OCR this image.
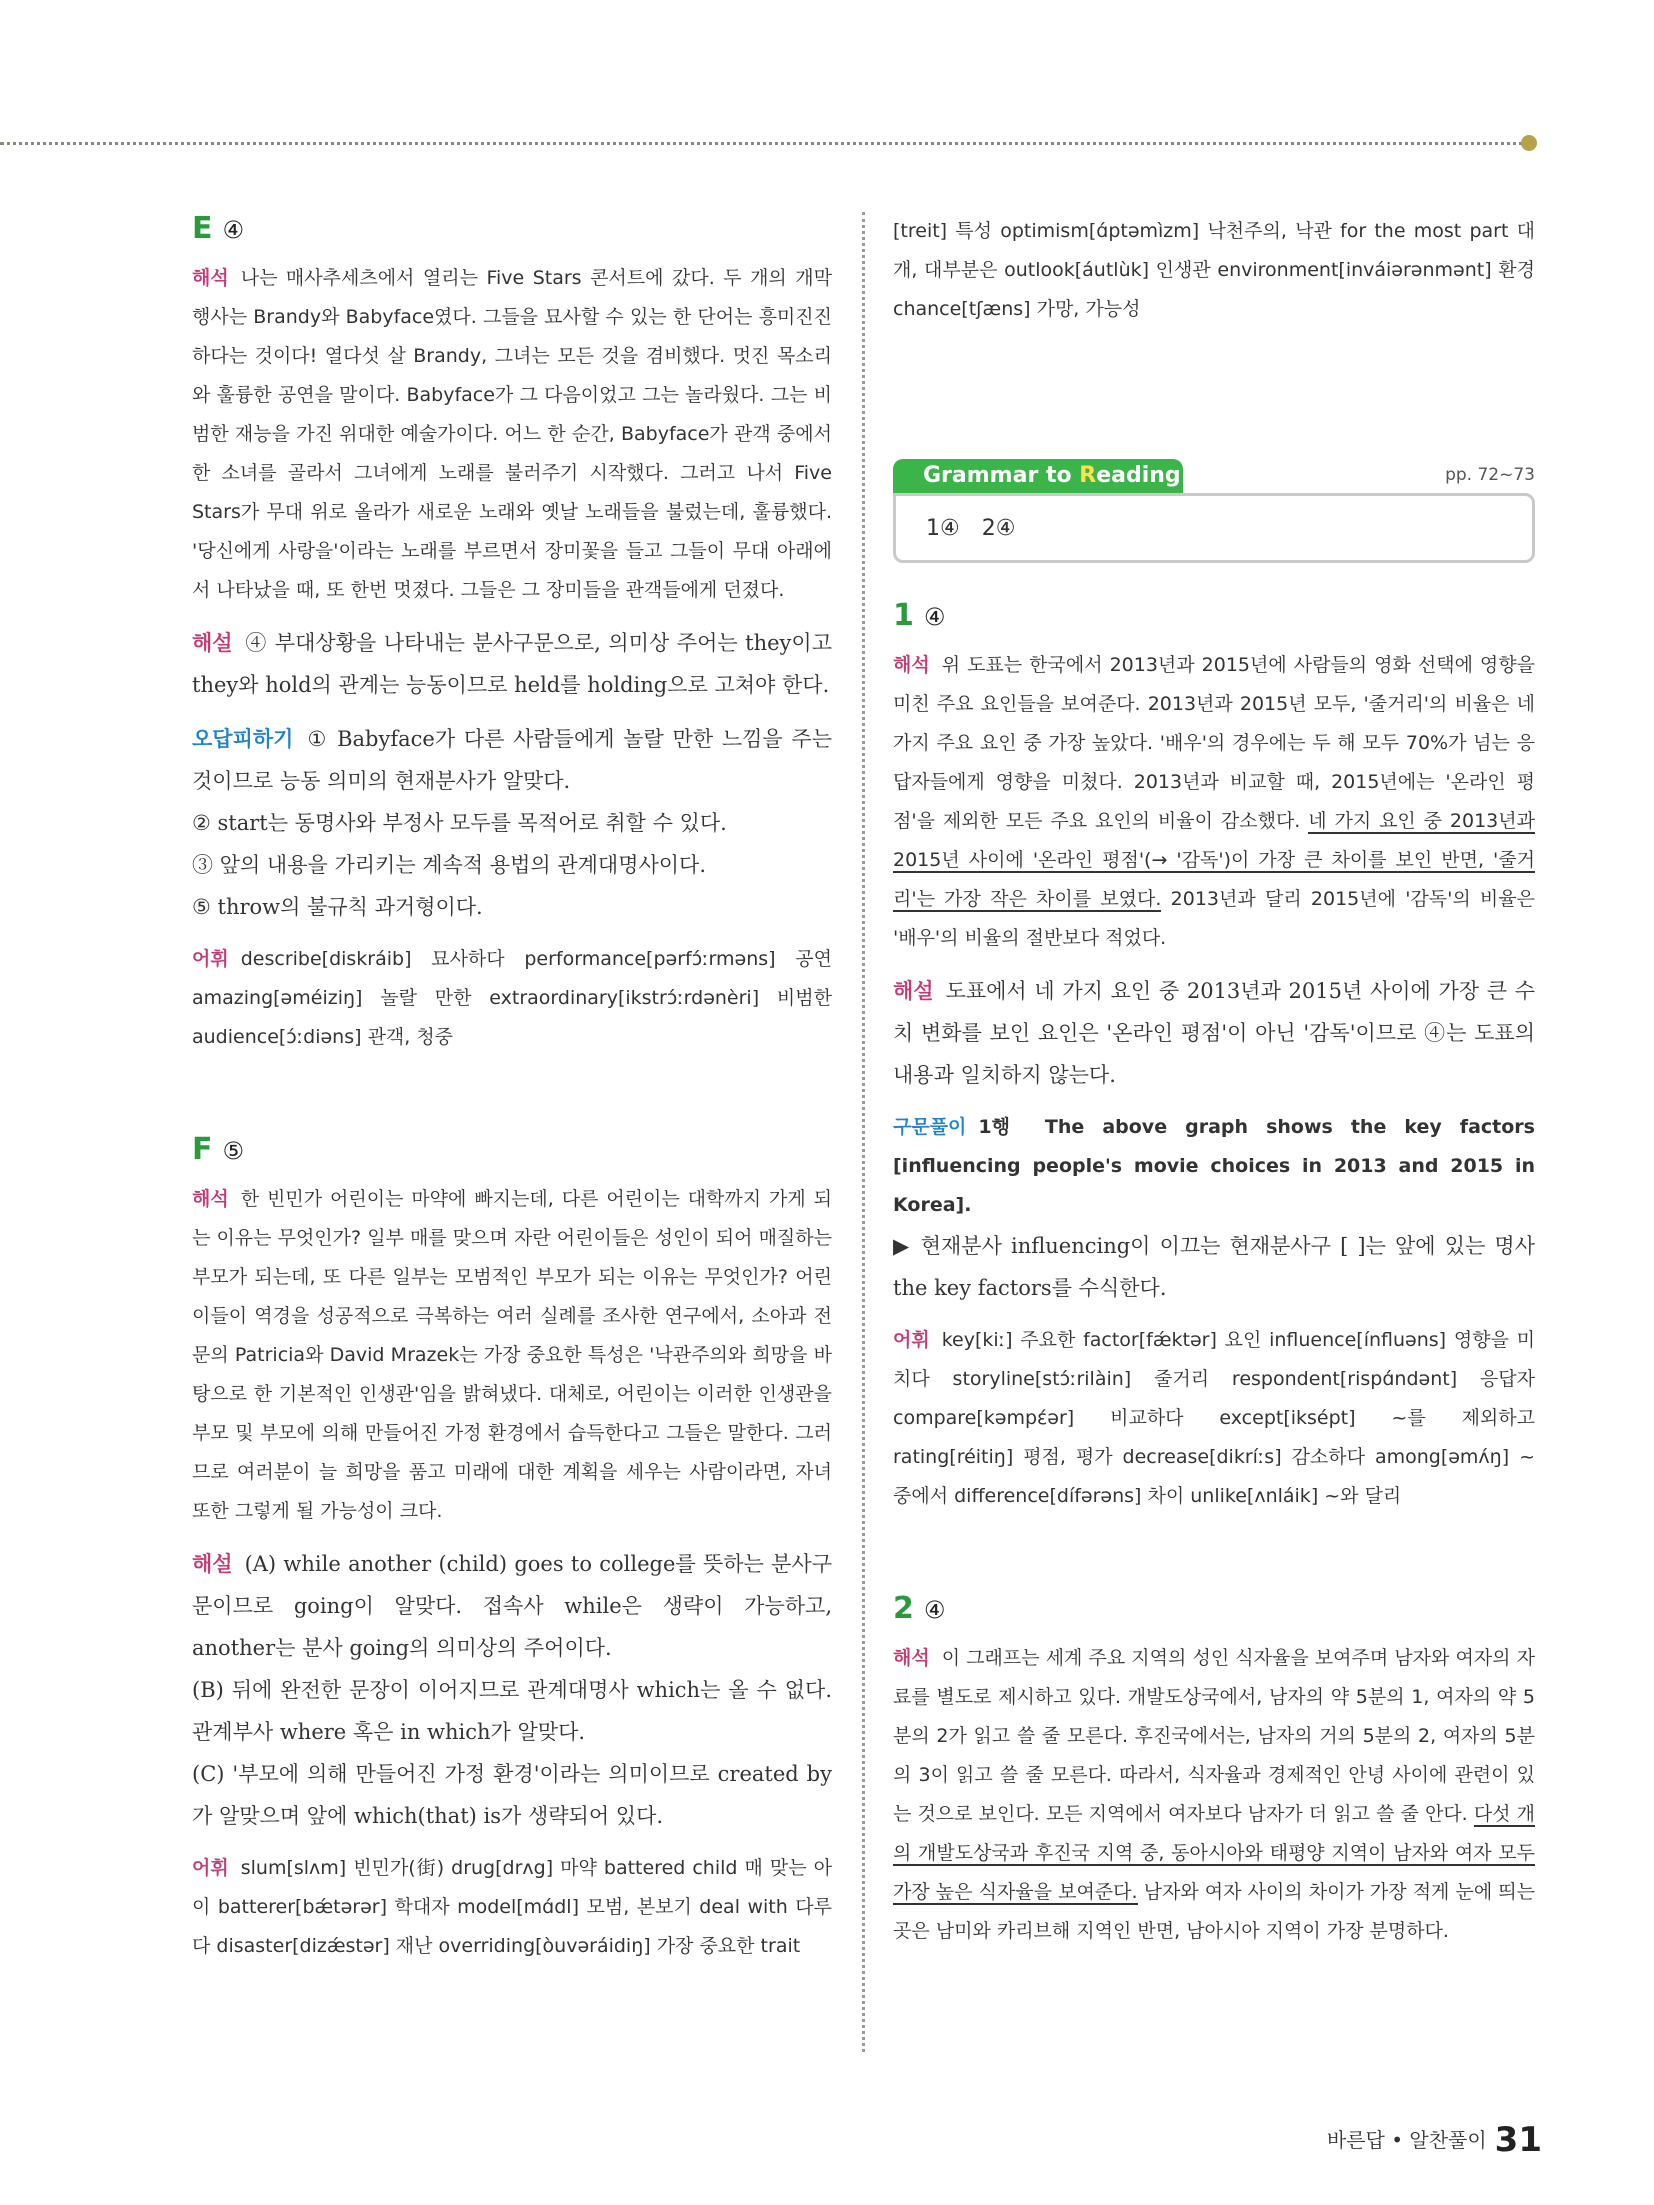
E ④

해석 나는 매사추세츠에서 열리는 Five Stars 콘서트에 갔다. 두 개의 개막 행사는 Brandy와 Babyface였다. 그들을 묘사할 수 있는 한 단어는 흥미진진하다는 것이다! 열다섯 살 Brandy, 그녀는 모든 것을 겸비했다. 멋진 목소리와 훌륭한 공연을 말이다. Babyface가 그 다음이었고 그는 놀라웠다. 그는 비범한 재능을 가진 위대한 예술가이다. 어느 한 순간, Babyface가 관객 중에서 한 소녀를 골라서 그녀에게 노래를 불러주기 시작했다. 그러고 나서 Five Stars가 무대 위로 올라가 새로운 노래와 옛날 노래들을 불렀는데, 훌륭했다. '당신에게 사랑을'이라는 노래를 부르면서 장미꽃을 들고 그들이 무대 아래에서 나타났을 때, 또 한번 멋졌다. 그들은 그 장미들을 관객들에게 던졌다.

해설 ④ 부대상황을 나타내는 분사구문으로, 의미상 주어는 they이고 they와 hold의 관계는 능동이므로 held를 holding으로 고쳐야 한다.

오답피하기 ① Babyface가 다른 사람들에게 놀랄 만한 느낌을 주는 것이므로 능동 의미의 현재분사가 알맞다.

② start는 동명사와 부정사 모두를 목적어로 취할 수 있다.

③ 앞의 내용을 가리키는 계속적 용법의 관계대명사이다.

⑤ throw의 불규칙 과거형이다.

어휘 describe[diskráib] 묘사하다 performance[pərfɔ́ːrməns] 공연 amazing[əméiziŋ] 놀랄 만한 extraordinary[ikstrɔ́ːrdənèri] 비범한 audience[ɔ́ːdiəns] 관객, 청중

F ⑤

해석 한 빈민가 어린이는 마약에 빠지는데, 다른 어린이는 대학까지 가게 되는 이유는 무엇인가? 일부 매를 맞으며 자란 어린이들은 성인이 되어 매질하는 부모가 되는데, 또 다른 일부는 모범적인 부모가 되는 이유는 무엇인가? 어린이들이 역경을 성공적으로 극복하는 여러 실례를 조사한 연구에서, 소아과 전문의 Patricia와 David Mrazek는 가장 중요한 특성은 '낙관주의와 희망을 바탕으로 한 기본적인 인생관'임을 밝혀냈다. 대체로, 어린이는 이러한 인생관을 부모 및 부모에 의해 만들어진 가정 환경에서 습득한다고 그들은 말한다. 그러므로 여러분이 늘 희망을 품고 미래에 대한 계획을 세우는 사람이라면, 자녀 또한 그렇게 될 가능성이 크다.

해설 (A) while another (child) goes to college를 뜻하는 분사구문이므로 going이 알맞다. 접속사 while은 생략이 가능하고, another는 분사 going의 의미상의 주어이다.

(B) 뒤에 완전한 문장이 이어지므로 관계대명사 which는 올 수 없다. 관계부사 where 혹은 in which가 알맞다.

(C) '부모에 의해 만들어진 가정 환경'이라는 의미이므로 created by가 알맞으며 앞에 which(that) is가 생략되어 있다.

어휘 slum[slʌm] 빈민가(街) drug[drʌg] 마약 battered child 매 맞는 아이 batterer[bǽtərər] 학대자 model[mɑ́dl] 모범, 본보기 deal with 다루다 disaster[dizǽstər] 재난 overriding[òuvəráidiŋ] 가장 중요한 trait

[treit] 특성 optimism[ɑ́ptəmìzm] 낙천주의, 낙관 for the most part 대개, 대부분은 outlook[áutlùk] 인생관 environment[inváiərənmənt] 환경 chance[tʃæns] 가망, 가능성

Grammar to Reading	pp. 72~73
1④ 2④
1 ④

해석 위 도표는 한국에서 2013년과 2015년에 사람들의 영화 선택에 영향을 미친 주요 요인들을 보여준다. 2013년과 2015년 모두, '줄거리'의 비율은 네 가지 주요 요인 중 가장 높았다. '배우'의 경우에는 두 해 모두 70%가 넘는 응답자들에게 영향을 미쳤다. 2013년과 비교할 때, 2015년에는 '온라인 평점'을 제외한 모든 주요 요인의 비율이 감소했다. 네 가지 요인 중 2013년과 2015년 사이에 '온라인 평점'(→ '감독')이 가장 큰 차이를 보인 반면, '줄거리'는 가장 작은 차이를 보였다. 2013년과 달리 2015년에 '감독'의 비율은 '배우'의 비율의 절반보다 적었다.

해설 도표에서 네 가지 요인 중 2013년과 2015년 사이에 가장 큰 수치 변화를 보인 요인은 '온라인 평점'이 아닌 '감독'이므로 ④는 도표의 내용과 일치하지 않는다.

구문풀이 1행 The above graph shows the key factors [influencing people's movie choices in 2013 and 2015 in Korea].

▶ 현재분사 influencing이 이끄는 현재분사구 [ ]는 앞에 있는 명사 the key factors를 수식한다.

어휘 key[kiː] 주요한 factor[fǽktər] 요인 influence[ínfluəns] 영향을 미치다 storyline[stɔ́ːrilàin] 줄거리 respondent[rispɑ́ndənt] 응답자 compare[kəmpέər] 비교하다 except[iksépt] ~를 제외하고 rating[réitiŋ] 평점, 평가 decrease[dikríːs] 감소하다 among[əmʌ́ŋ] ~ 중에서 difference[dífərəns] 차이 unlike[ʌnláik] ~와 달리

2 ④

해석 이 그래프는 세계 주요 지역의 성인 식자율을 보여주며 남자와 여자의 자료를 별도로 제시하고 있다. 개발도상국에서, 남자의 약 5분의 1, 여자의 약 5분의 2가 읽고 쓸 줄 모른다. 후진국에서는, 남자의 거의 5분의 2, 여자의 5분의 3이 읽고 쓸 줄 모른다. 따라서, 식자율과 경제적인 안녕 사이에 관련이 있는 것으로 보인다. 모든 지역에서 여자보다 남자가 더 읽고 쓸 줄 안다. 다섯 개의 개발도상국과 후진국 지역 중, 동아시아와 태평양 지역이 남자와 여자 모두 가장 높은 식자율을 보여준다. 남자와 여자 사이의 차이가 가장 적게 눈에 띄는 곳은 남미와 카리브해 지역인 반면, 남아시아 지역이 가장 분명하다.

바른답 • 알찬풀이 31
